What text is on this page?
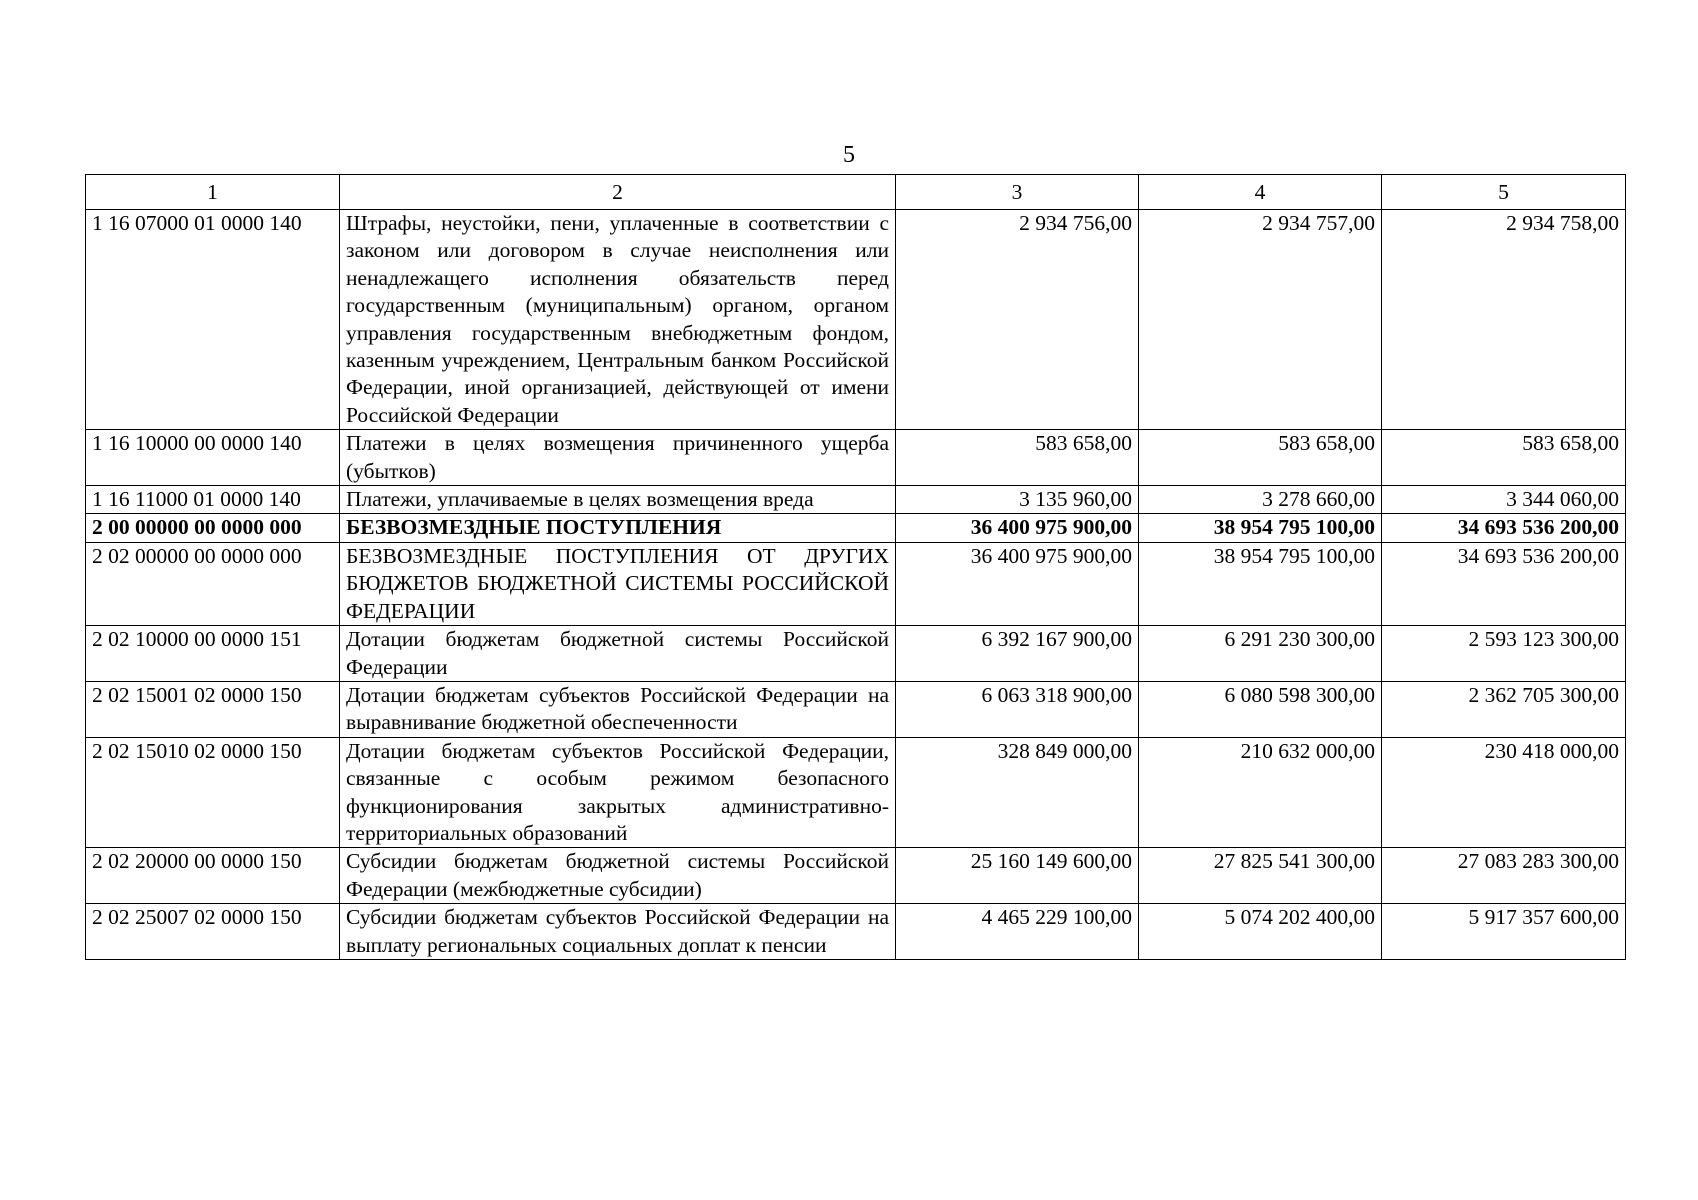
5
1	2	3	4	5
1 16 07000 01 0000 140	Штрафы, неустойки, пени, уплаченные в соответствии с законом или договором в случае неисполнения или ненадлежащего исполнения обязательств перед государственным (муниципальным) органом, органом управления государственным внебюджетным фондом, казенным учреждением, Центральным банком Российской Федерации, иной организацией, действующей от имени Российской Федерации	2 934 756,00	2 934 757,00	2 934 758,00
1 16 10000 00 0000 140	Платежи в целях возмещения причиненного ущерба (убытков)	583 658,00	583 658,00	583 658,00
1 16 11000 01 0000 140	Платежи, уплачиваемые в целях возмещения вреда	3 135 960,00	3 278 660,00	3 344 060,00
2 00 00000 00 0000 000	БЕЗВОЗМЕЗДНЫЕ ПОСТУПЛЕНИЯ	36 400 975 900,00	38 954 795 100,00	34 693 536 200,00
2 02 00000 00 0000 000	БЕЗВОЗМЕЗДНЫЕ ПОСТУПЛЕНИЯ ОТ ДРУГИХ БЮДЖЕТОВ БЮДЖЕТНОЙ СИСТЕМЫ РОССИЙСКОЙ ФЕДЕРАЦИИ	36 400 975 900,00	38 954 795 100,00	34 693 536 200,00
2 02 10000 00 0000 151	Дотации бюджетам бюджетной системы Российской Федерации	6 392 167 900,00	6 291 230 300,00	2 593 123 300,00
2 02 15001 02 0000 150	Дотации бюджетам субъектов Российской Федерации на выравнивание бюджетной обеспеченности	6 063 318 900,00	6 080 598 300,00	2 362 705 300,00
2 02 15010 02 0000 150	Дотации бюджетам субъектов Российской Федерации, связанные с особым режимом безопасного функционирования закрытых административно-территориальных образований	328 849 000,00	210 632 000,00	230 418 000,00
2 02 20000 00 0000 150	Субсидии бюджетам бюджетной системы Российской Федерации (межбюджетные субсидии)	25 160 149 600,00	27 825 541 300,00	27 083 283 300,00
2 02 25007 02 0000 150	Субсидии бюджетам субъектов Российской Федерации на выплату региональных социальных доплат к пенсии	4 465 229 100,00	5 074 202 400,00	5 917 357 600,00
